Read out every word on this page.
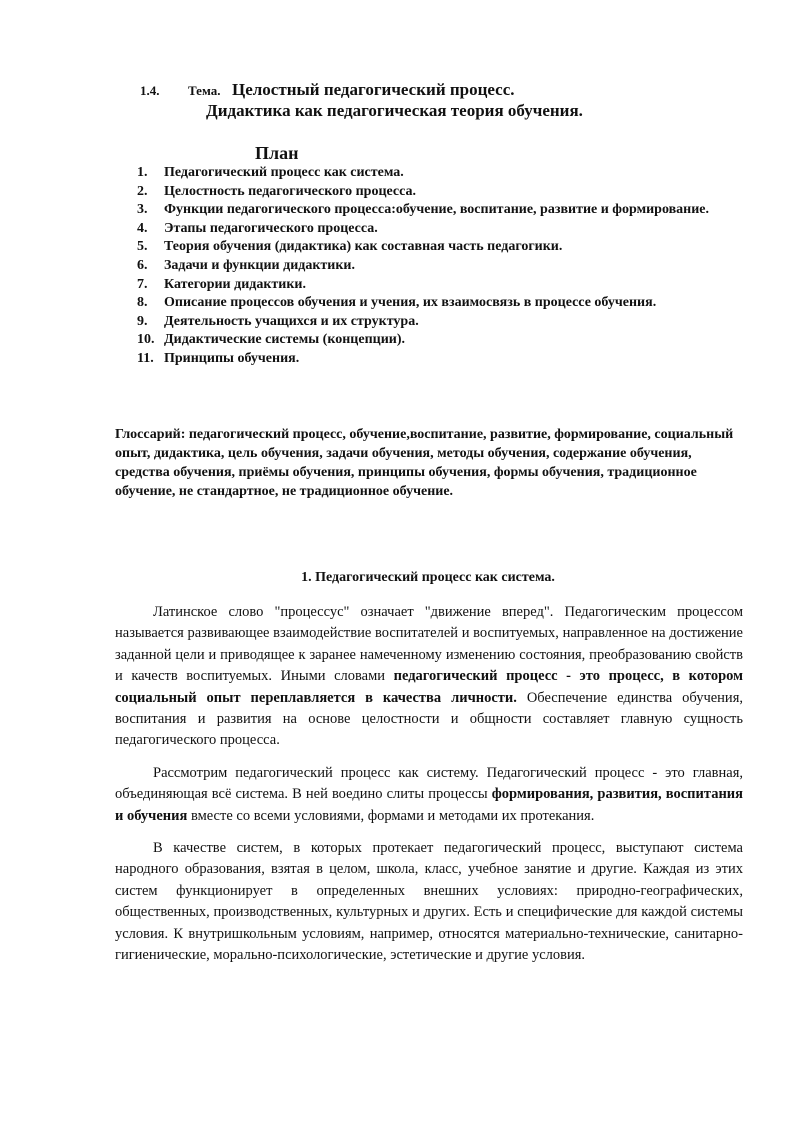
1.4. Тема. Целостный педагогический процесс.
Дидактика как педагогическая теория обучения.
План
1. Педагогический процесс как система.
2. Целостность педагогического процесса.
3. Функции педагогического процесса:обучение, воспитание, развитие и формирование.
4. Этапы педагогического процесса.
5. Теория обучения (дидактика) как составная часть педагогики.
6. Задачи и функции дидактики.
7. Категории дидактики.
8. Описание процессов обучения и учения, их взаимосвязь в процессе обучения.
9. Деятельность учащихся и их структура.
10. Дидактические системы (концепции).
11. Принципы обучения.

Глоссарий: педагогический процесс, обучение,воспитание, развитие, формирование, социальный опыт, дидактика, цель обучения, задачи обучения, методы обучения, содержание обучения, средства обучения, приёмы обучения, принципы обучения, формы обучения, традиционное обучение, не стандартное, не традиционное обучение.

1. Педагогический процесс как система.

Латинское слово "процессус" означает "движение вперед". Педагогическим процессом называется развивающее взаимодействие воспитателей и воспитуемых, направленное на достижение заданной цели и приводящее к заранее намеченному изменению состояния, преобразованию свойств и качеств воспитуемых. Иными словами педагогический процесс - это процесс, в котором социальный опыт переплавляется в качества личности. Обеспечение единства обучения, воспитания и развития на основе целостности и общности составляет главную сущность педагогического процесса.

Рассмотрим педагогический процесс как систему. Педагогический процесс - это главная, объединяющая всё система. В ней воедино слиты процессы формирования, развития, воспитания и обучения вместе со всеми условиями, формами и методами их протекания.

В качестве систем, в которых протекает педагогический процесс, выступают система народного образования, взятая в целом, школа, класс, учебное занятие и другие. Каждая из этих систем функционирует в определенных внешних условиях: природно-географических, общественных, производственных, культурных и других. Есть и специфические для каждой системы условия. К внутришкольным условиям, например, относятся материально-технические, санитарно-гигиенические, морально-психологические, эстетические и другие условия.
